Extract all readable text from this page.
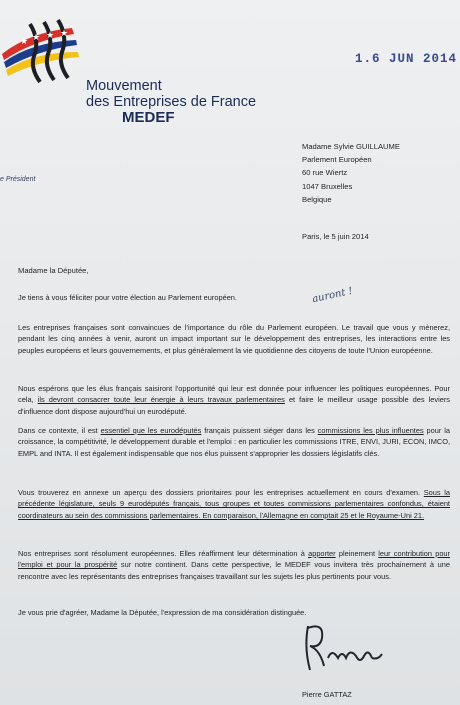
★ ★ ★ ★
Mouvement
des Entreprises de France
MEDEF
1.6 JUN 2014
e Président
Madame Sylvie GUILLAUME
Parlement Européen
60 rue Wiertz
1047 Bruxelles
Belgique
Paris, le 5 juin 2014
Madame la Députée,
Je tiens à vous féliciter pour votre élection au Parlement européen.	auront !
Les entreprises françaises sont convaincues de l'importance du rôle du Parlement européen. Le travail que vous y mènerez, pendant les cinq années à venir, auront un impact important sur le développement des entreprises, les interactions entre les peuples européens et leurs gouvernements, et plus généralement la vie quotidienne des citoyens de toute l'Union européenne.
Nous espérons que les élus français saisiront l'opportunité qui leur est donnée pour influencer les politiques européennes. Pour cela, ils devront consacrer toute leur énergie à leurs travaux parlementaires et faire le meilleur usage possible des leviers d'influence dont dispose aujourd'hui un eurodéputé.
Dans ce contexte, il est essentiel que les eurodéputés français puissent siéger dans les commissions les plus influentes pour la croissance, la compétitivité, le développement durable et l'emploi : en particulier les commissions ITRE, ENVI, JURI, ECON, IMCO, EMPL and INTA. Il est également indispensable que nos élus puissent s'approprier les dossiers législatifs clés.
Vous trouverez en annexe un aperçu des dossiers prioritaires pour les entreprises actuellement en cours d'examen. Sous la précédente législature, seuls 9 eurodéputés français, tous groupes et toutes commissions parlementaires confondus, étaient coordinateurs au sein des commissions parlementaires. En comparaison, l'Allemagne en comptait 25 et le Royaume-Uni 21.
Nos entreprises sont résolument européennes. Elles réaffirment leur détermination à apporter pleinement leur contribution pour l'emploi et pour la prospérité sur notre continent. Dans cette perspective, le MEDEF vous invitera très prochainement à une rencontre avec les représentants des entreprises françaises travaillant sur les sujets les plus pertinents pour vous.
Je vous prie d'agréer, Madame la Députée, l'expression de ma considération distinguée.
Pierre GATTAZ
